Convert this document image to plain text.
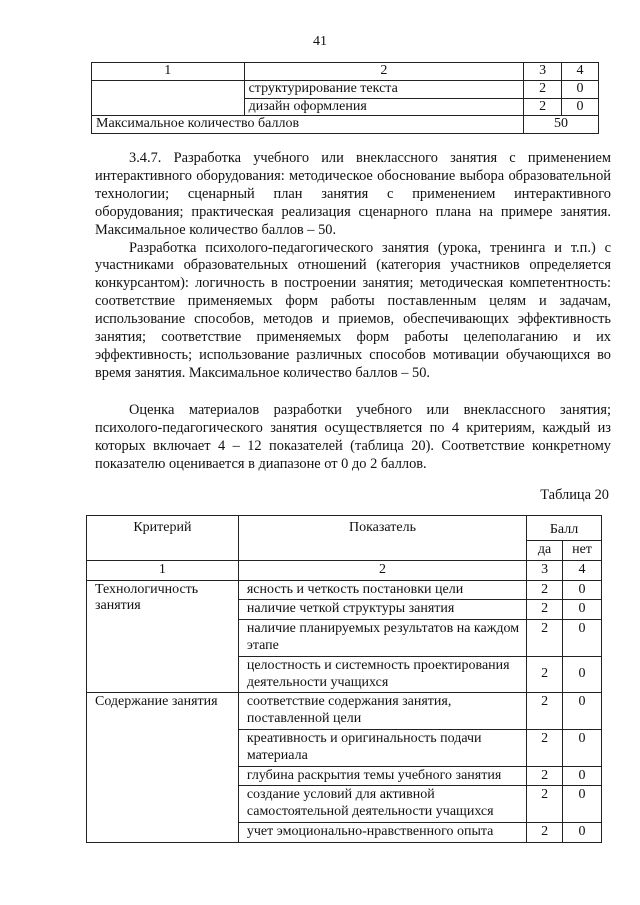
41
1	2	3	4
	структурирование текста	2	0
	дизайн оформления	2	0
Максимальное количество баллов		50	

3.4.7. Разработка учебного или внеклассного занятия с применением интерактивного оборудования: методическое обоснование выбора образовательной технологии; сценарный план занятия с применением интерактивного оборудования; практическая реализация сценарного плана на примере занятия. Максимальное количество баллов – 50.

Разработка психолого-педагогического занятия (урока, тренинга и т.п.) с участниками образовательных отношений (категория участников определяется конкурсантом): логичность в построении занятия; методическая компетентность: соответствие применяемых форм работы поставленным целям и задачам, использование способов, методов и приемов, обеспечивающих эффективность занятия; соответствие применяемых форм работы целеполаганию и их эффективность; использование различных способов мотивации обучающихся во время занятия. Максимальное количество баллов – 50.

Оценка материалов разработки учебного или внеклассного занятия; психолого-педагогического занятия осуществляется по 4 критериям, каждый из которых включает 4 – 12 показателей (таблица 20). Соответствие конкретному показателю оценивается в диапазоне от 0 до 2 баллов.

Таблица 20
Критерий	Показатель	Балл	
		да	нет
1	2	3	4
Технологичность занятия	ясность и четкость постановки цели	2	0
	наличие четкой структуры занятия	2	0
	наличие планируемых результатов на каждом этапе	2	0
	целостность и системность проектирования деятельности учащихся	2	0
Содержание занятия	соответствие содержания занятия, поставленной цели	2	0
	креативность и оригинальность подачи материала	2	0
	глубина раскрытия темы учебного занятия	2	0
	создание условий для активной самостоятельной деятельности учащихся	2	0
	учет эмоционально-нравственного опыта	2	0
